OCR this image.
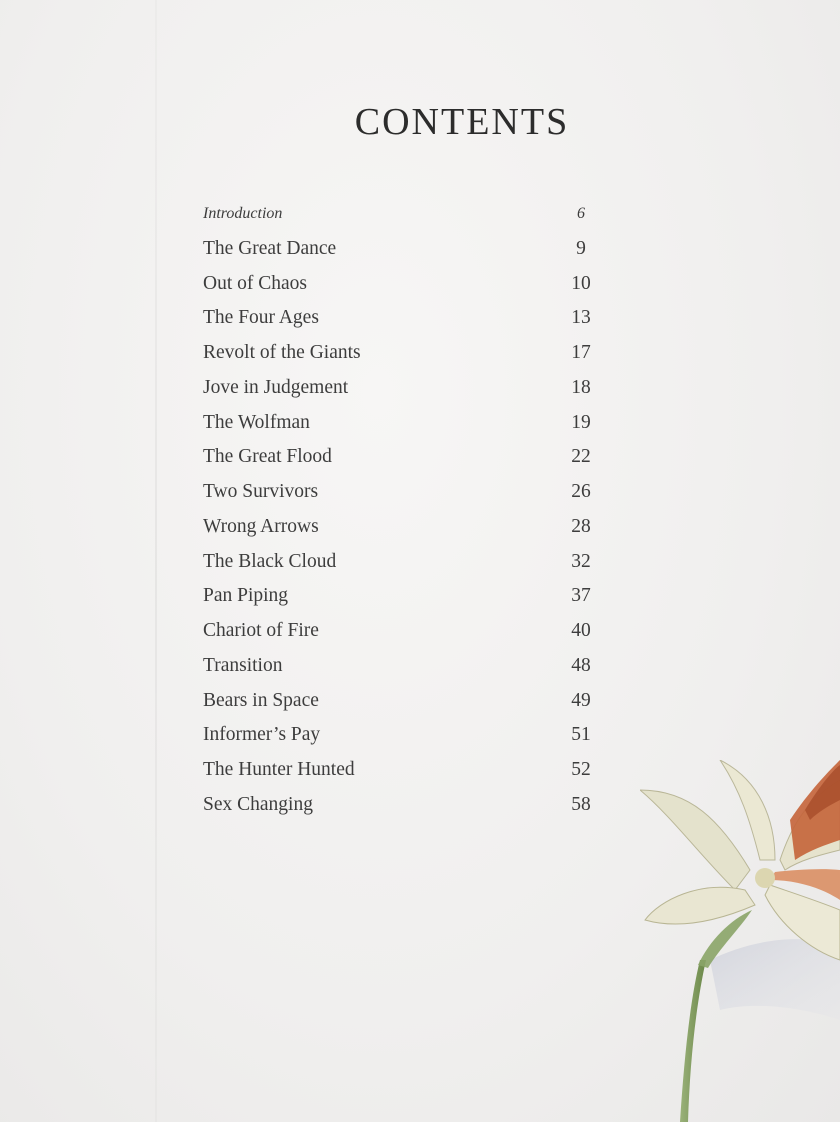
CONTENTS
Introduction	6
The Great Dance	9
Out of Chaos	10
The Four Ages	13
Revolt of the Giants	17
Jove in Judgement	18
The Wolfman	19
The Great Flood	22
Two Survivors	26
Wrong Arrows	28
The Black Cloud	32
Pan Piping	37
Chariot of Fire	40
Transition	48
Bears in Space	49
Informer’s Pay	51
The Hunter Hunted	52
Sex Changing	58
